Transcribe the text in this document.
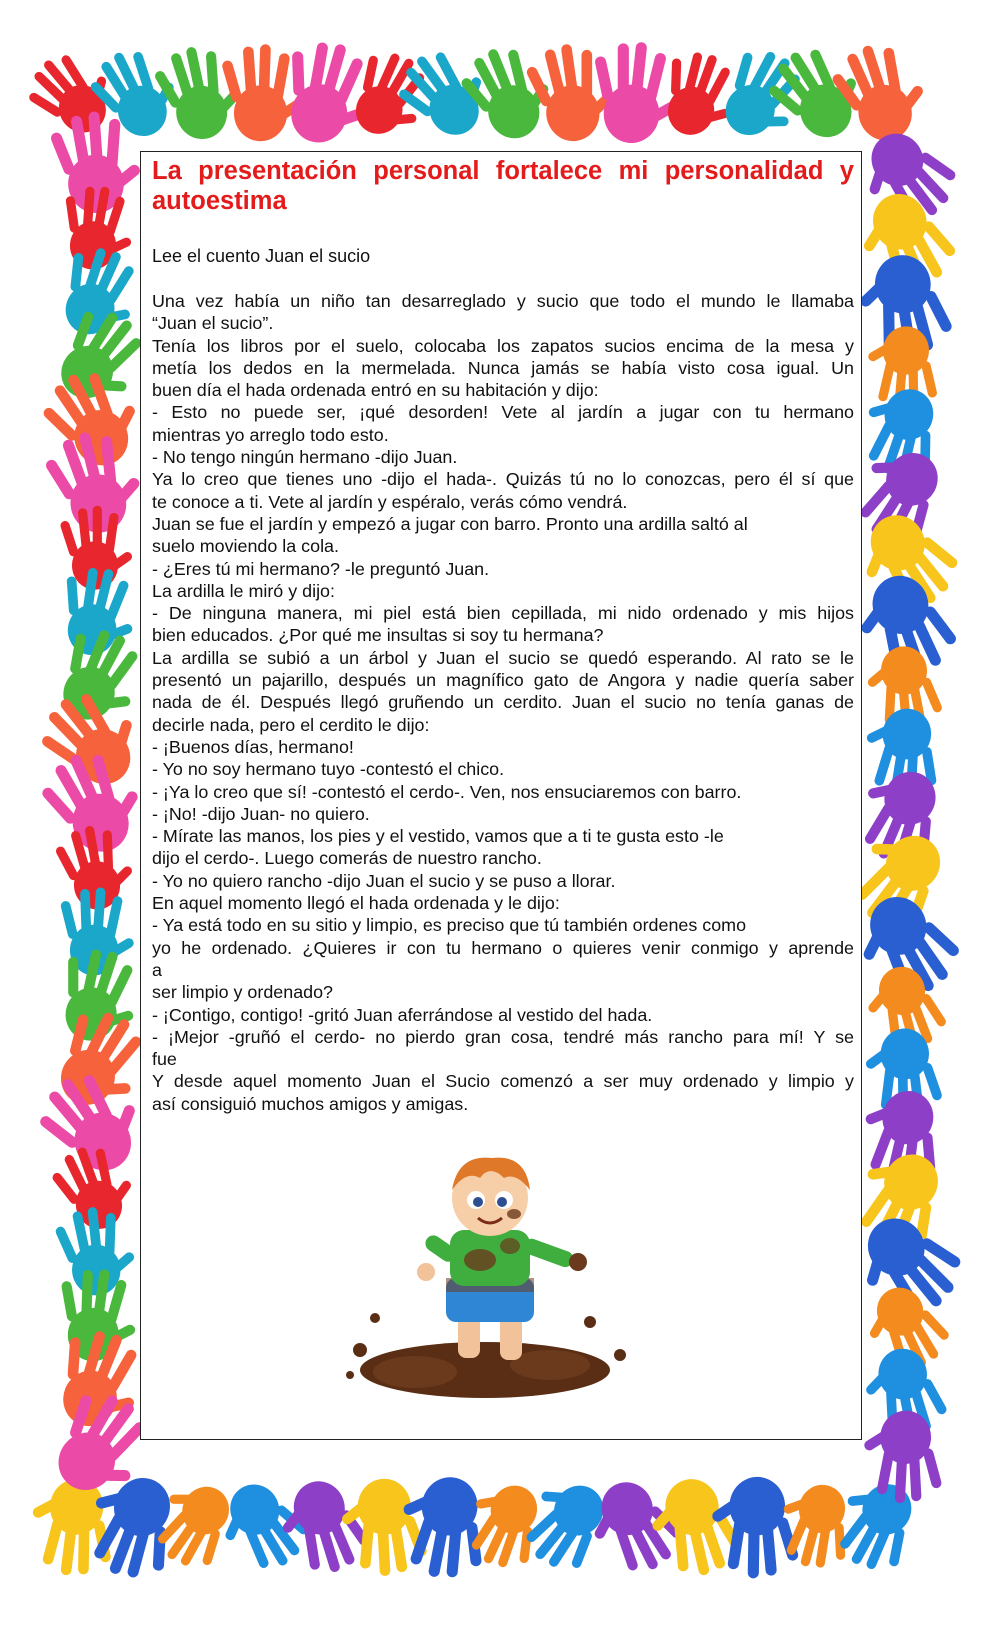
La presentación personal fortalece mi personalidad y autoestima

Lee el cuento Juan el sucio

Una vez había un niño tan desarreglado y sucio que todo el mundo le llamaba
“Juan el sucio”.
Tenía los libros por el suelo, colocaba los zapatos sucios encima de la mesa y
metía los dedos en la mermelada. Nunca jamás se había visto cosa igual. Un
buen día el hada ordenada entró en su habitación y dijo:
- Esto no puede ser, ¡qué desorden! Vete al jardín a jugar con tu hermano
mientras yo arreglo todo esto.
- No tengo ningún hermano -dijo Juan.
Ya lo creo que tienes uno -dijo el hada-. Quizás tú no lo conozcas, pero él sí que
te conoce a ti. Vete al jardín y espéralo, verás cómo vendrá.
Juan se fue el jardín y empezó a jugar con barro. Pronto una ardilla saltó al
suelo moviendo la cola.
- ¿Eres tú mi hermano? -le preguntó Juan.
La ardilla le miró y dijo:
- De ninguna manera, mi piel está bien cepillada, mi nido ordenado y mis hijos
bien educados. ¿Por qué me insultas si soy tu hermana?
La ardilla se subió a un árbol y Juan el sucio se quedó esperando. Al rato se le
presentó un pajarillo, después un magnífico gato de Angora y nadie quería saber
nada de él. Después llegó gruñendo un cerdito. Juan el sucio no tenía ganas de
decirle nada, pero el cerdito le dijo:
- ¡Buenos días, hermano!
- Yo no soy hermano tuyo -contestó el chico.
- ¡Ya lo creo que sí! -contestó el cerdo-. Ven, nos ensuciaremos con barro.
- ¡No! -dijo Juan- no quiero.
- Mírate las manos, los pies y el vestido, vamos que a ti te gusta esto -le
dijo el cerdo-. Luego comerás de nuestro rancho.
- Yo no quiero rancho -dijo Juan el sucio y se puso a llorar.
En aquel momento llegó el hada ordenada y le dijo:
- Ya está todo en su sitio y limpio, es preciso que tú también ordenes como
yo he ordenado. ¿Quieres ir con tu hermano o quieres venir conmigo y aprende
a
ser limpio y ordenado?
- ¡Contigo, contigo! -gritó Juan aferrándose al vestido del hada.
- ¡Mejor -gruñó el cerdo- no pierdo gran cosa, tendré más rancho para mí! Y se
fue
Y desde aquel momento Juan el Sucio comenzó a ser muy ordenado y limpio y
así consiguió muchos amigos y amigas.
